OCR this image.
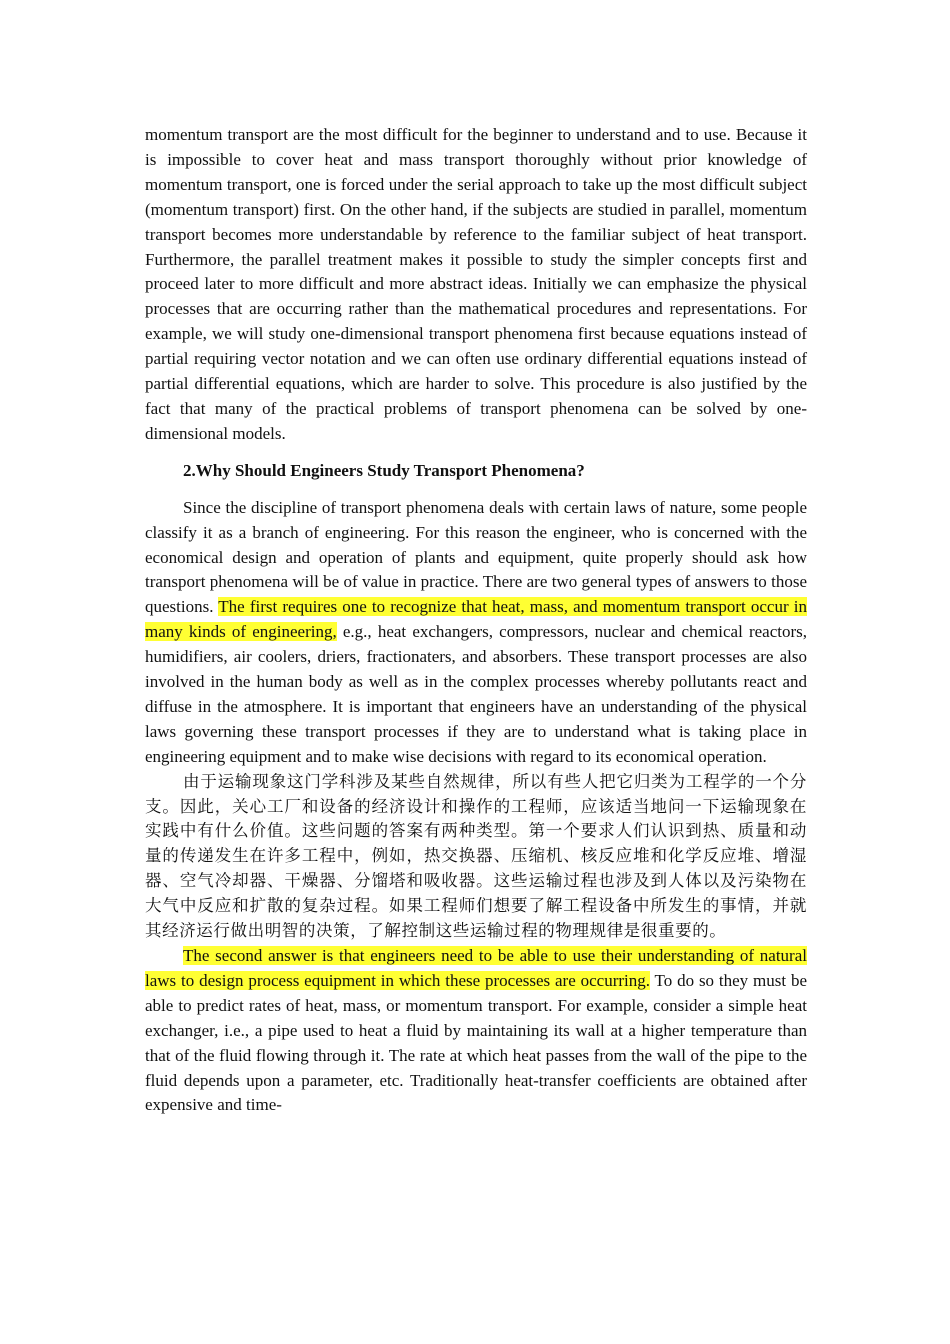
momentum transport are the most difficult for the beginner to understand and to use. Because it is impossible to cover heat and mass transport thoroughly without prior knowledge of momentum transport, one is forced under the serial approach to take up the most difficult subject (momentum transport) first. On the other hand, if the subjects are studied in parallel, momentum transport becomes more understandable by reference to the familiar subject of heat transport. Furthermore, the parallel treatment makes it possible to study the simpler concepts first and proceed later to more difficult and more abstract ideas. Initially we can emphasize the physical processes that are occurring rather than the mathematical procedures and representations. For example, we will study one-dimensional transport phenomena first because equations instead of partial requiring vector notation and we can often use ordinary differential equations instead of partial differential equations, which are harder to solve. This procedure is also justified by the fact that many of the practical problems of transport phenomena can be solved by one-dimensional models.

2.Why Should Engineers Study Transport Phenomena?

Since the discipline of transport phenomena deals with certain laws of nature, some people classify it as a branch of engineering. For this reason the engineer, who is concerned with the economical design and operation of plants and equipment, quite properly should ask how transport phenomena will be of value in practice. There are two general types of answers to those questions. The first requires one to recognize that heat, mass, and momentum transport occur in many kinds of engineering, e.g., heat exchangers, compressors, nuclear and chemical reactors, humidifiers, air coolers, driers, fractionaters, and absorbers. These transport processes are also involved in the human body as well as in the complex processes whereby pollutants react and diffuse in the atmosphere. It is important that engineers have an understanding of the physical laws governing these transport processes if they are to understand what is taking place in engineering equipment and to make wise decisions with regard to its economical operation.

由于运输现象这门学科涉及某些自然规律，所以有些人把它归类为工程学的一个分支。因此，关心工厂和设备的经济设计和操作的工程师，应该适当地问一下运输现象在实践中有什么价值。这些问题的答案有两种类型。第一个要求人们认识到热、质量和动量的传递发生在许多工程中，例如，热交换器、压缩机、核反应堆和化学反应堆、增湿器、空气冷却器、干燥器、分馏塔和吸收器。这些运输过程也涉及到人体以及污染物在大气中反应和扩散的复杂过程。如果工程师们想要了解工程设备中所发生的事情，并就其经济运行做出明智的决策，了解控制这些运输过程的物理规律是很重要的。

The second answer is that engineers need to be able to use their understanding of natural laws to design process equipment in which these processes are occurring. To do so they must be able to predict rates of heat, mass, or momentum transport. For example, consider a simple heat exchanger, i.e., a pipe used to heat a fluid by maintaining its wall at a higher temperature than that of the fluid flowing through it. The rate at which heat passes from the wall of the pipe to the fluid depends upon a parameter, etc. Traditionally heat-transfer coefficients are obtained after expensive and time-
